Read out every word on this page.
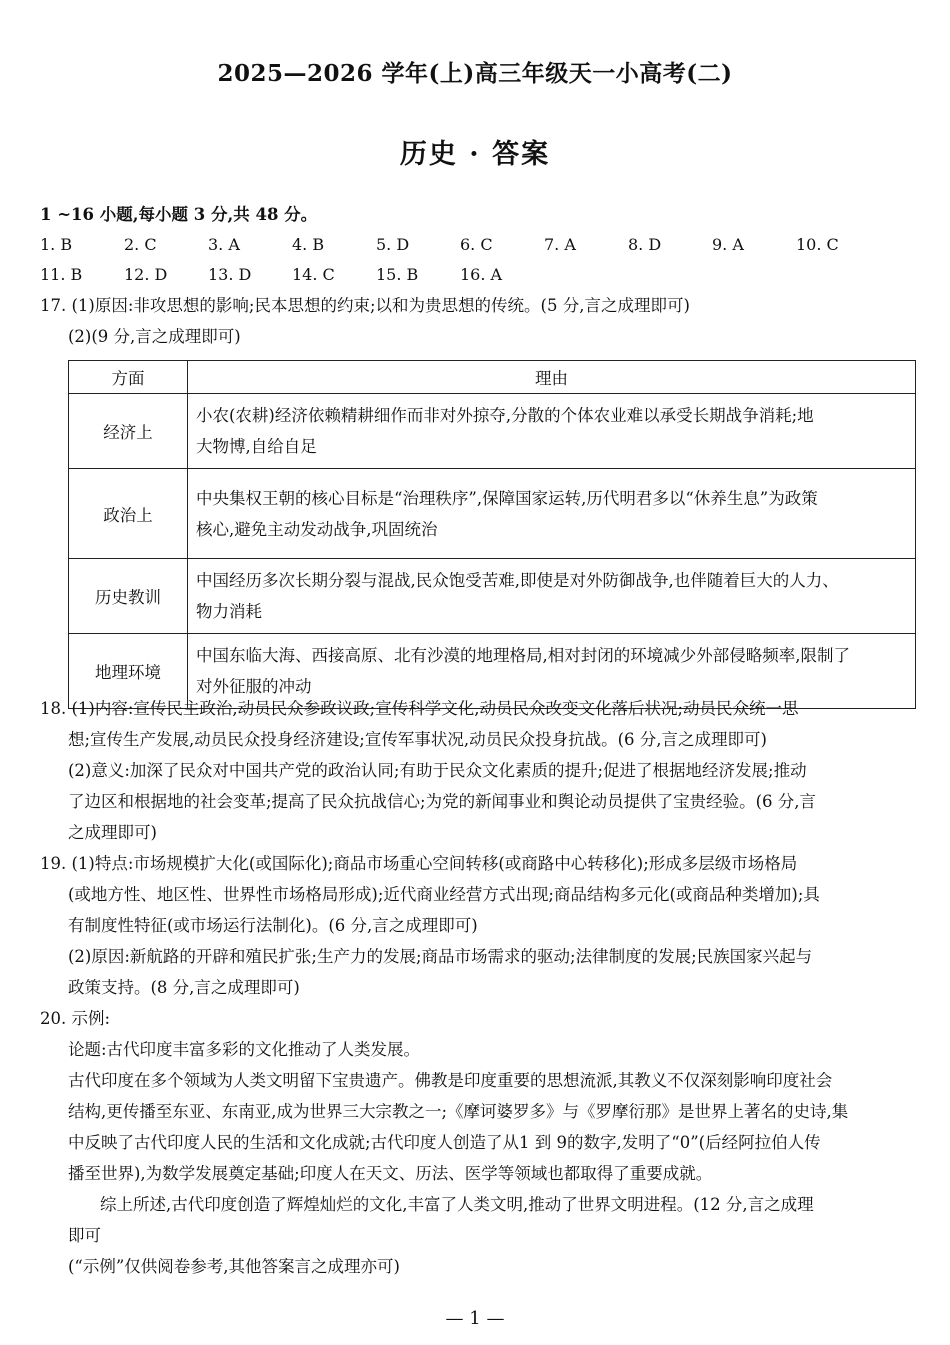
2025—2026 学年(上)高三年级天一小高考(二)
历史 · 答案
1 ~16 小题,每小题 3 分,共 48 分。
1. B	2. C	3. A	4. B	5. D	6. C	7. A	8. D	9. A	10. C
11. B	12. D	13. D	14. C	15. B	16. A
17. (1)原因:非攻思想的影响;民本思想的约束;以和为贵思想的传统。(5 分,言之成理即可)
(2)(9 分,言之成理即可)
方面	理由
经济上	小农(农耕)经济依赖精耕细作而非对外掠夺,分散的个体农业难以承受长期战争消耗;地
大物博,自给自足
政治上	中央集权王朝的核心目标是“治理秩序”,保障国家运转,历代明君多以“休养生息”为政策
核心,避免主动发动战争,巩固统治
历史教训	中国经历多次长期分裂与混战,民众饱受苦难,即使是对外防御战争,也伴随着巨大的人力、
物力消耗
地理环境	中国东临大海、西接高原、北有沙漠的地理格局,相对封闭的环境减少外部侵略频率,限制了
对外征服的冲动
18. (1)内容:宣传民主政治,动员民众参政议政;宣传科学文化,动员民众改变文化落后状况;动员民众统一思
想;宣传生产发展,动员民众投身经济建设;宣传军事状况,动员民众投身抗战。(6 分,言之成理即可)
(2)意义:加深了民众对中国共产党的政治认同;有助于民众文化素质的提升;促进了根据地经济发展;推动
了边区和根据地的社会变革;提高了民众抗战信心;为党的新闻事业和舆论动员提供了宝贵经验。(6 分,言
之成理即可)
19. (1)特点:市场规模扩大化(或国际化);商品市场重心空间转移(或商路中心转移化);形成多层级市场格局
(或地方性、地区性、世界性市场格局形成);近代商业经营方式出现;商品结构多元化(或商品种类增加);具
有制度性特征(或市场运行法制化)。(6 分,言之成理即可)
(2)原因:新航路的开辟和殖民扩张;生产力的发展;商品市场需求的驱动;法律制度的发展;民族国家兴起与
政策支持。(8 分,言之成理即可)
20. 示例:
论题:古代印度丰富多彩的文化推动了人类发展。
古代印度在多个领域为人类文明留下宝贵遗产。佛教是印度重要的思想流派,其教义不仅深刻影响印度社会
结构,更传播至东亚、东南亚,成为世界三大宗教之一;《摩诃婆罗多》与《罗摩衍那》是世界上著名的史诗,集
中反映了古代印度人民的生活和文化成就;古代印度人创造了从1 到 9的数字,发明了“0”(后经阿拉伯人传
播至世界),为数学发展奠定基础;印度人在天文、历法、医学等领域也都取得了重要成就。
综上所述,古代印度创造了辉煌灿烂的文化,丰富了人类文明,推动了世界文明进程。(12 分,言之成理
即可
(“示例”仅供阅卷参考,其他答案言之成理亦可)
— 1 —
